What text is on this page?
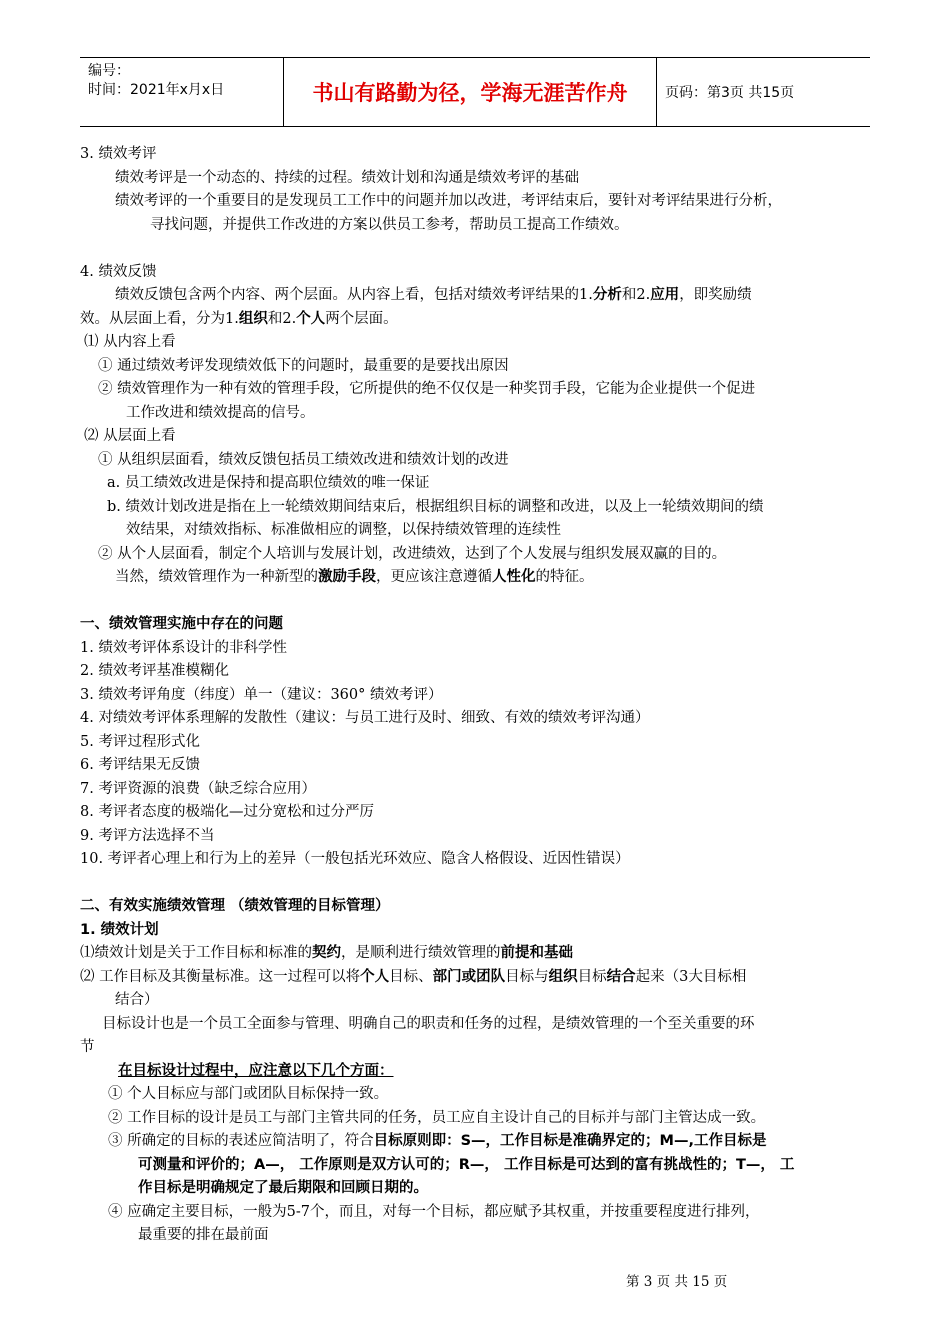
编号：
时间：2021年x月x日	书山有路勤为径，学海无涯苦作舟	页码：第3页 共15页
3. 绩效考评
绩效考评是一个动态的、持续的过程。绩效计划和沟通是绩效考评的基础
绩效考评的一个重要目的是发现员工工作中的问题并加以改进，考评结束后，要针对考评结果进行分析，
寻找问题，并提供工作改进的方案以供员工参考，帮助员工提高工作绩效。
4. 绩效反馈
绩效反馈包含两个内容、两个层面。从内容上看，包括对绩效考评结果的1.分析和2.应用，即奖励绩
效。从层面上看，分为1.组织和2.个人两个层面。
⑴ 从内容上看
① 通过绩效考评发现绩效低下的问题时，最重要的是要找出原因
② 绩效管理作为一种有效的管理手段，它所提供的绝不仅仅是一种奖罚手段，它能为企业提供一个促进
工作改进和绩效提高的信号。
⑵ 从层面上看
① 从组织层面看，绩效反馈包括员工绩效改进和绩效计划的改进
a. 员工绩效改进是保持和提高职位绩效的唯一保证
b. 绩效计划改进是指在上一轮绩效期间结束后，根据组织目标的调整和改进，以及上一轮绩效期间的绩
效结果，对绩效指标、标准做相应的调整，以保持绩效管理的连续性
② 从个人层面看，制定个人培训与发展计划，改进绩效，达到了个人发展与组织发展双赢的目的。
当然，绩效管理作为一种新型的激励手段，更应该注意遵循人性化的特征。
一、绩效管理实施中存在的问题
1. 绩效考评体系设计的非科学性
2. 绩效考评基准模糊化
3. 绩效考评角度（纬度）单一（建议：360° 绩效考评）
4. 对绩效考评体系理解的发散性（建议：与员工进行及时、细致、有效的绩效考评沟通）
5. 考评过程形式化
6. 考评结果无反馈
7. 考评资源的浪费（缺乏综合应用）
8. 考评者态度的极端化—过分宽松和过分严厉
9. 考评方法选择不当
10. 考评者心理上和行为上的差异（一般包括光环效应、隐含人格假设、近因性错误）
二、有效实施绩效管理 （绩效管理的目标管理）
1. 绩效计划
⑴绩效计划是关于工作目标和标准的契约，是顺利进行绩效管理的前提和基础
⑵ 工作目标及其衡量标准。这一过程可以将个人目标、部门或团队目标与组织目标结合起来（3大目标相
结合）
目标设计也是一个员工全面参与管理、明确自己的职责和任务的过程，是绩效管理的一个至关重要的环
节
在目标设计过程中，应注意以下几个方面：
① 个人目标应与部门或团队目标保持一致。
② 工作目标的设计是员工与部门主管共同的任务，员工应自主设计自己的目标并与部门主管达成一致。
③ 所确定的目标的表述应简洁明了，符合目标原则即：S—，工作目标是准确界定的；M—,工作目标是
可测量和评价的；A—， 工作原则是双方认可的；R—， 工作目标是可达到的富有挑战性的；T—， 工
作目标是明确规定了最后期限和回顾日期的。
④ 应确定主要目标，一般为5-7个，而且，对每一个目标，都应赋予其权重，并按重要程度进行排列，
最重要的排在最前面
第 3 页 共 15 页
